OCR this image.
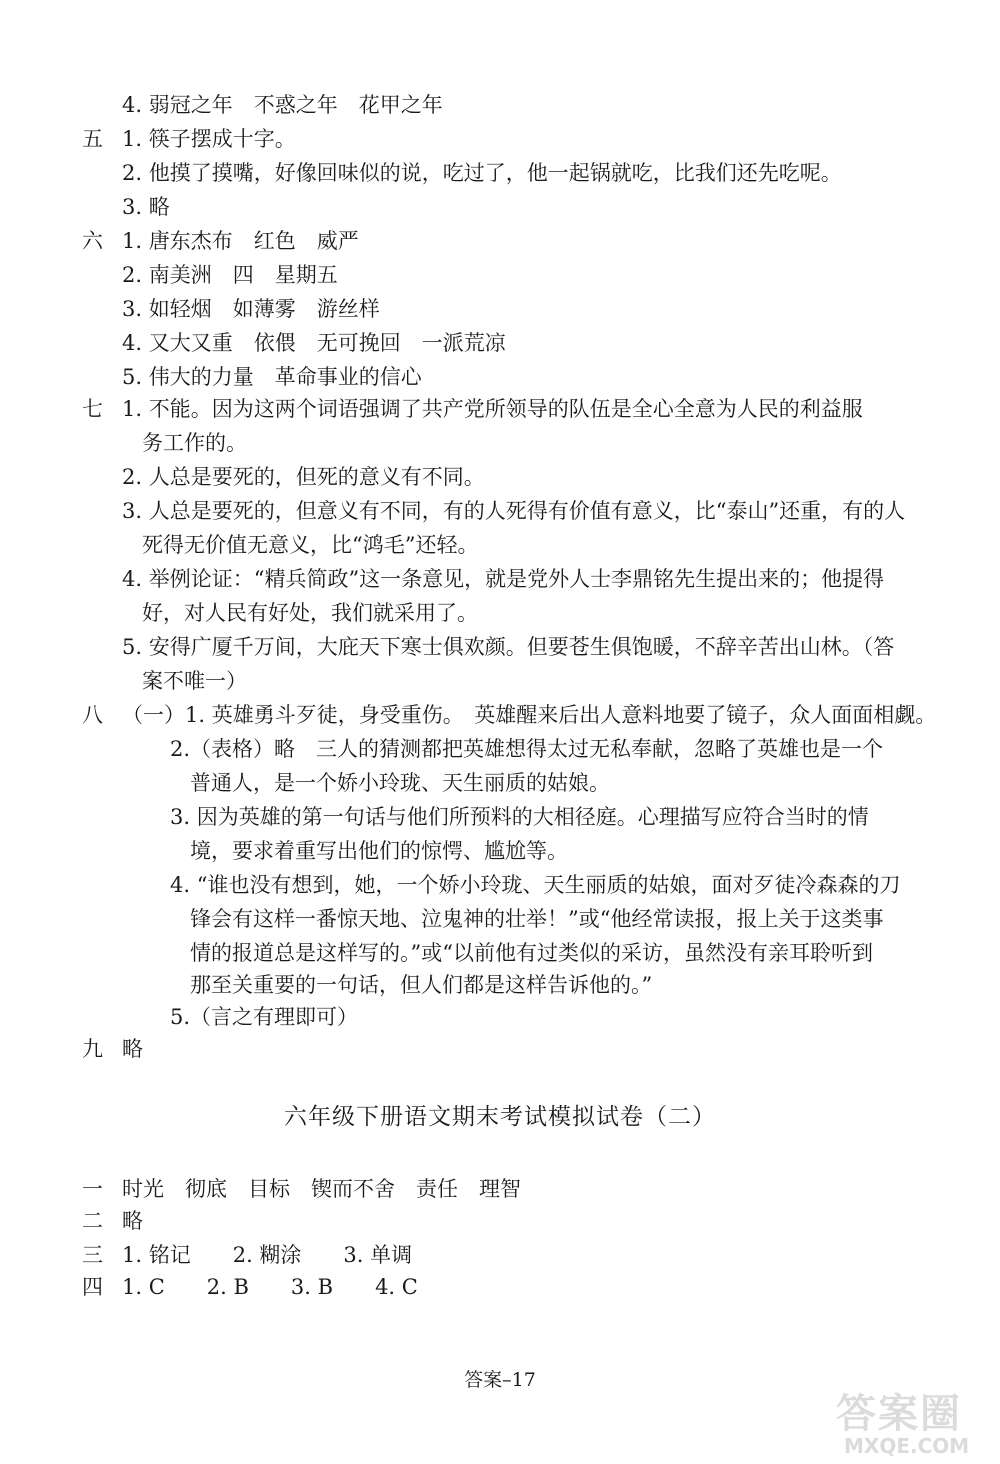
五
六
七
八
九
一
二
三
四
4. 弱冠之年　不惑之年　花甲之年
1. 筷子摆成十字。
2. 他摸了摸嘴，好像回味似的说，吃过了，他一起锅就吃，比我们还先吃呢。
3. 略
1. 唐东杰布　红色　威严
2. 南美洲　四　星期五
3. 如轻烟　如薄雾　游丝样
4. 又大又重　依偎　无可挽回　一派荒凉
5. 伟大的力量　革命事业的信心
1. 不能。因为这两个词语强调了共产党所领导的队伍是全心全意为人民的利益服
务工作的。
2. 人总是要死的，但死的意义有不同。
3. 人总是要死的，但意义有不同，有的人死得有价值有意义，比“泰山”还重，有的人
死得无价值无意义，比“鸿毛”还轻。
4. 举例论证：“精兵简政”这一条意见，就是党外人士李鼎铭先生提出来的；他提得
好，对人民有好处，我们就采用了。
5. 安得广厦千万间，大庇天下寒士俱欢颜。但要苍生俱饱暖，不辞辛苦出山林。（答
案不唯一）
（一）1. 英雄勇斗歹徒，身受重伤。　英雄醒来后出人意料地要了镜子，众人面面相觑。
2.（表格）略　三人的猜测都把英雄想得太过无私奉献，忽略了英雄也是一个
普通人，是一个娇小玲珑、天生丽质的姑娘。
3. 因为英雄的第一句话与他们所预料的大相径庭。心理描写应符合当时的情
境，要求着重写出他们的惊愕、尴尬等。
4. “谁也没有想到，她，一个娇小玲珑、天生丽质的姑娘，面对歹徒冷森森的刀
锋会有这样一番惊天地、泣鬼神的壮举！”或“他经常读报，报上关于这类事
情的报道总是这样写的。”或“以前他有过类似的采访，虽然没有亲耳聆听到
那至关重要的一句话，但人们都是这样告诉他的。”
5.（言之有理即可）
略
六年级下册语文期末考试模拟试卷（二）
时光　彻底　目标　锲而不舍　责任　理智
略
1. 铭记　　2. 糊涂　　3. 单调
1. C　　2. B　　3. B　　4. C
答案–17
答案圈
MXQE.COM
